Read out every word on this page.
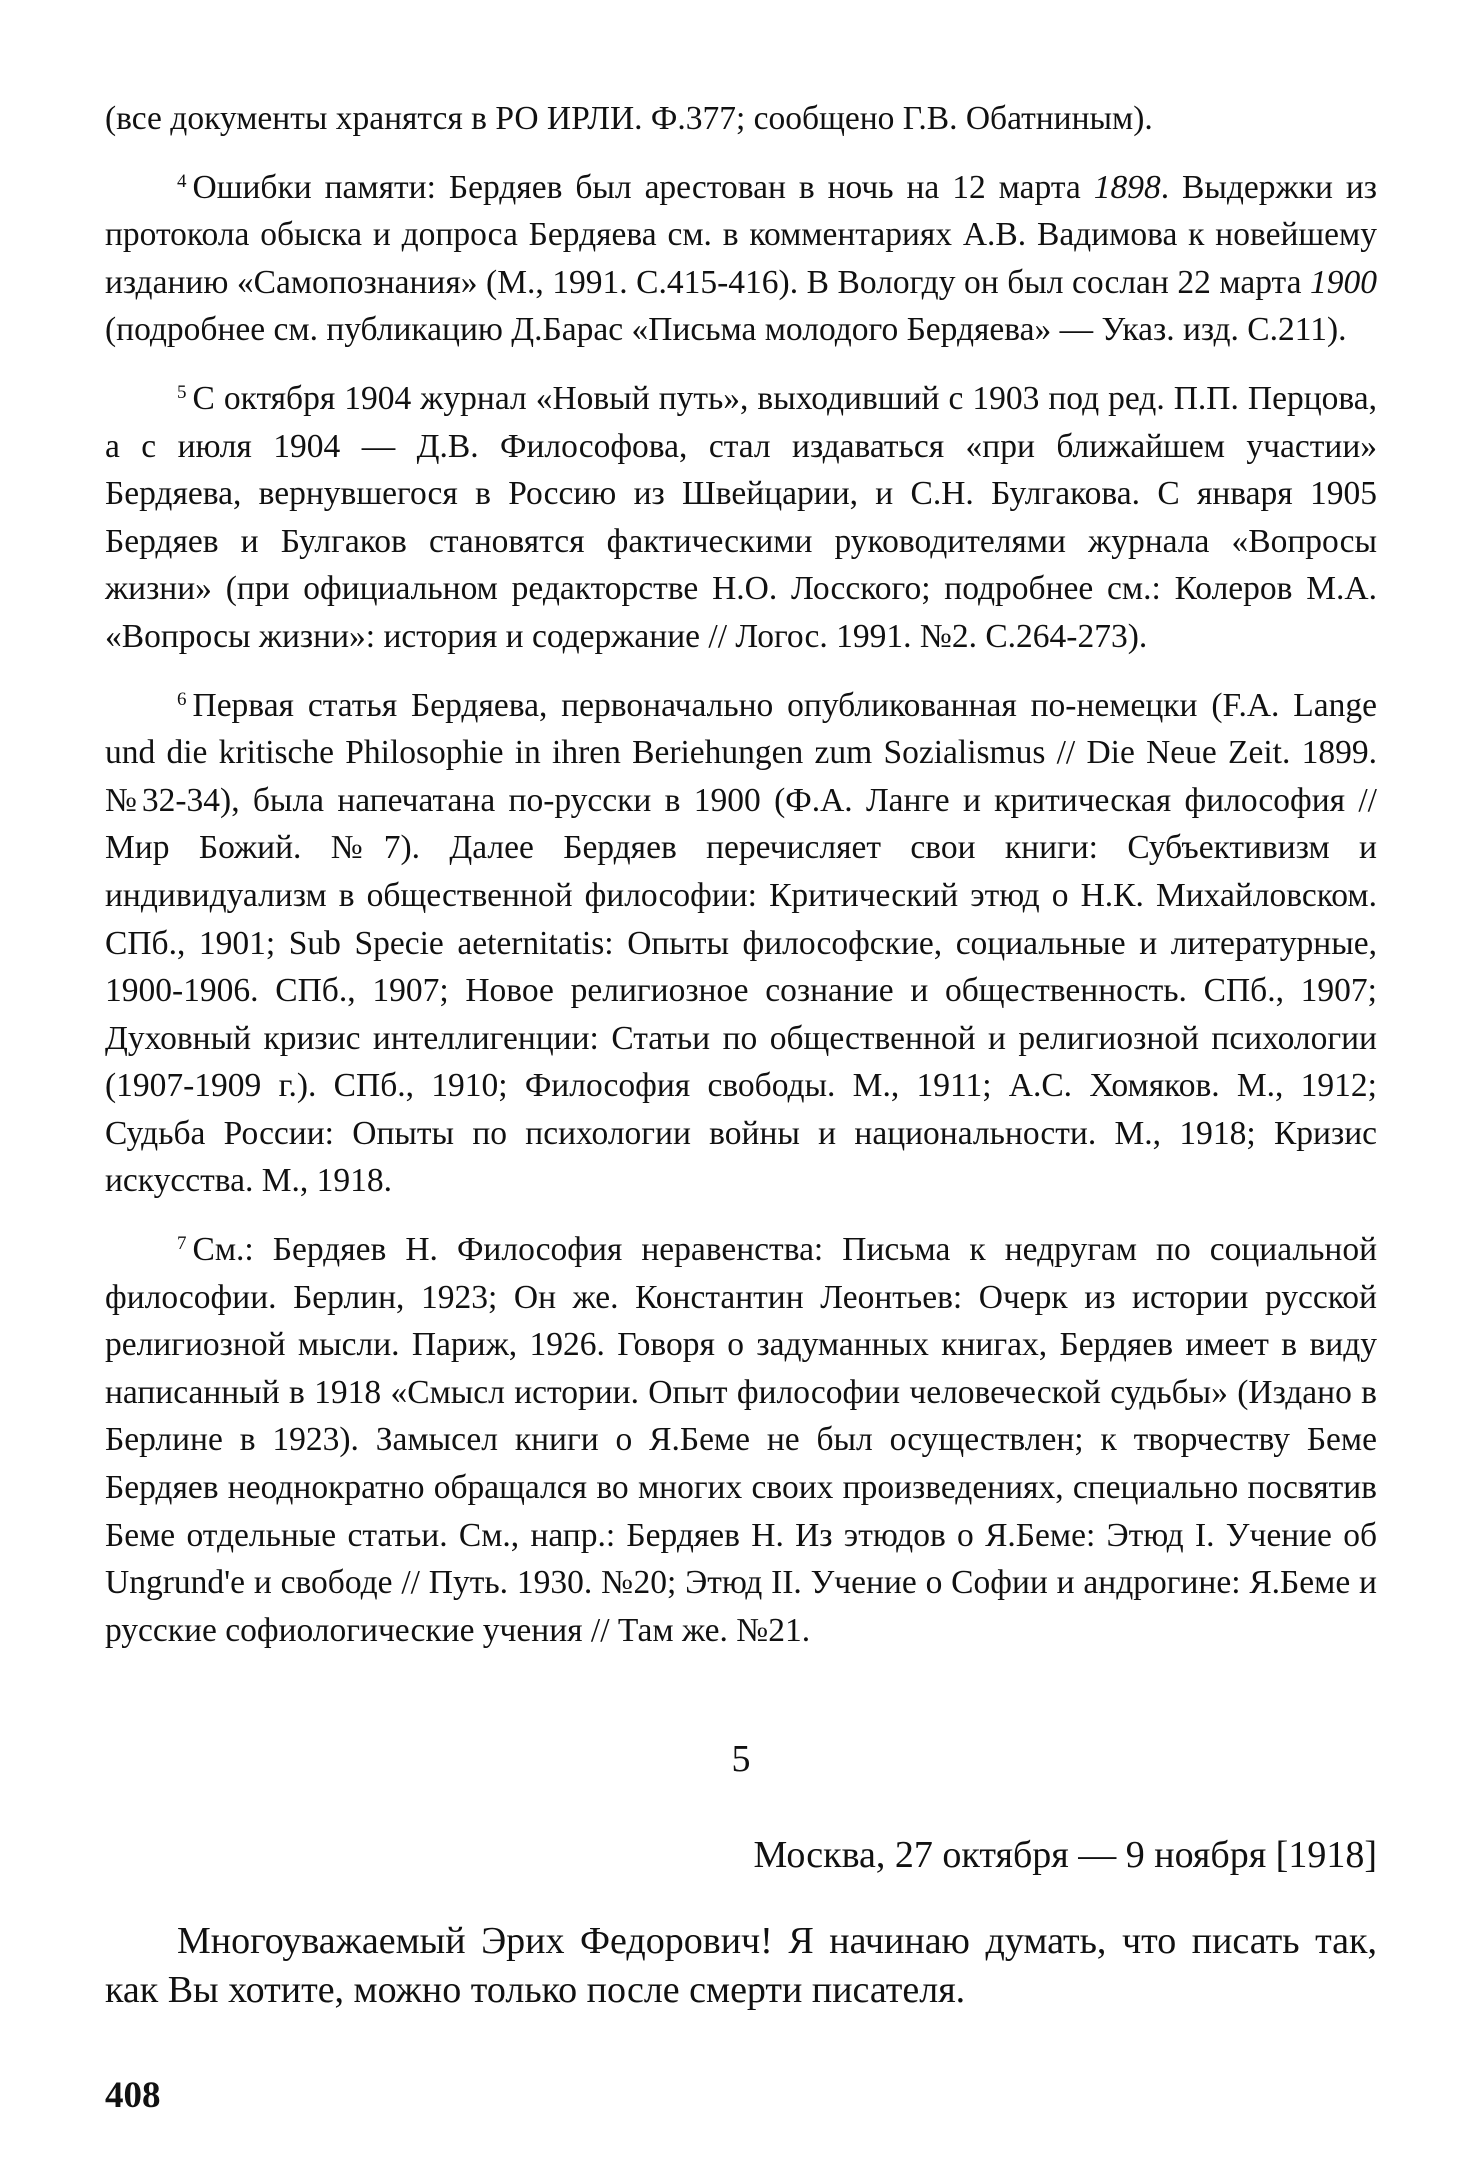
(все документы хранятся в РО ИРЛИ. Ф.377; сообщено Г.В. Обатниным).

$^4$ Ошибки памяти: Бердяев был арестован в ночь на 12 марта 1898. Выдержки из протокола обыска и допроса Бердяева см. в комментариях А.В. Вадимова к новейшему изданию «Самопознания» (М., 1991. С.415-416). В Вологду он был сослан 22 марта 1900 (подробнее см. публикацию Д.Барас «Письма молодого Бердяева» — Указ. изд. С.211).

$^5$ С октября 1904 журнал «Новый путь», выходивший с 1903 под ред. П.П. Перцова, а с июля 1904 — Д.В. Философова, стал издаваться «при ближайшем участии» Бердяева, вернувшегося в Россию из Швейцарии, и С.Н. Булгакова. С января 1905 Бердяев и Булгаков становятся фактическими руководителями журнала «Вопросы жизни» (при официальном редакторстве Н.О. Лосского; подробнее см.: Колеров М.А. «Вопросы жизни»: история и содержание // Логос. 1991. №2. С.264-273).

$^6$ Первая статья Бердяева, первоначально опубликованная по-немецки (F.A. Lange und die kritische Philosophie in ihren Beriehungen zum Sozialismus // Die Neue Zeit. 1899. №32-34), была напечатана по-русски в 1900 (Ф.А. Ланге и критическая философия // Мир Божий. №7). Далее Бердяев перечисляет свои книги: Субъективизм и индивидуализм в общественной философии: Критический этюд о Н.К. Михайловском. СПб., 1901; Sub Specie aeternitatis: Опыты философские, социальные и литературные, 1900-1906. СПб., 1907; Новое религиозное сознание и общественность. СПб., 1907; Духовный кризис интеллигенции: Статьи по общественной и религиозной психологии (1907-1909 г.). СПб., 1910; Философия свободы. М., 1911; А.С. Хомяков. М., 1912; Судьба России: Опыты по психологии войны и национальности. М., 1918; Кризис искусства. М., 1918.

$^7$ См.: Бердяев Н. Философия неравенства: Письма к недругам по социальной философии. Берлин, 1923; Он же. Константин Леонтьев: Очерк из истории русской религиозной мысли. Париж, 1926. Говоря о задуманных книгах, Бердяев имеет в виду написанный в 1918 «Смысл истории. Опыт философии человеческой судьбы» (Издано в Берлине в 1923). Замысел книги о Я.Беме не был осуществлен; к творчеству Беме Бердяев неоднократно обращался во многих своих произведениях, специально посвятив Беме отдельные статьи. См., напр.: Бердяев Н. Из этюдов о Я.Беме: Этюд I. Учение об Ungrund'е и свободе // Путь. 1930. №20; Этюд II. Учение о Софии и андрогине: Я.Беме и русские софиологические учения // Там же. №21.

5
Москва, 27 октября — 9 ноября [1918]

Многоуважаемый Эрих Федорович! Я начинаю думать, что писать так, как Вы хотите, можно только после смерти писателя.

408
